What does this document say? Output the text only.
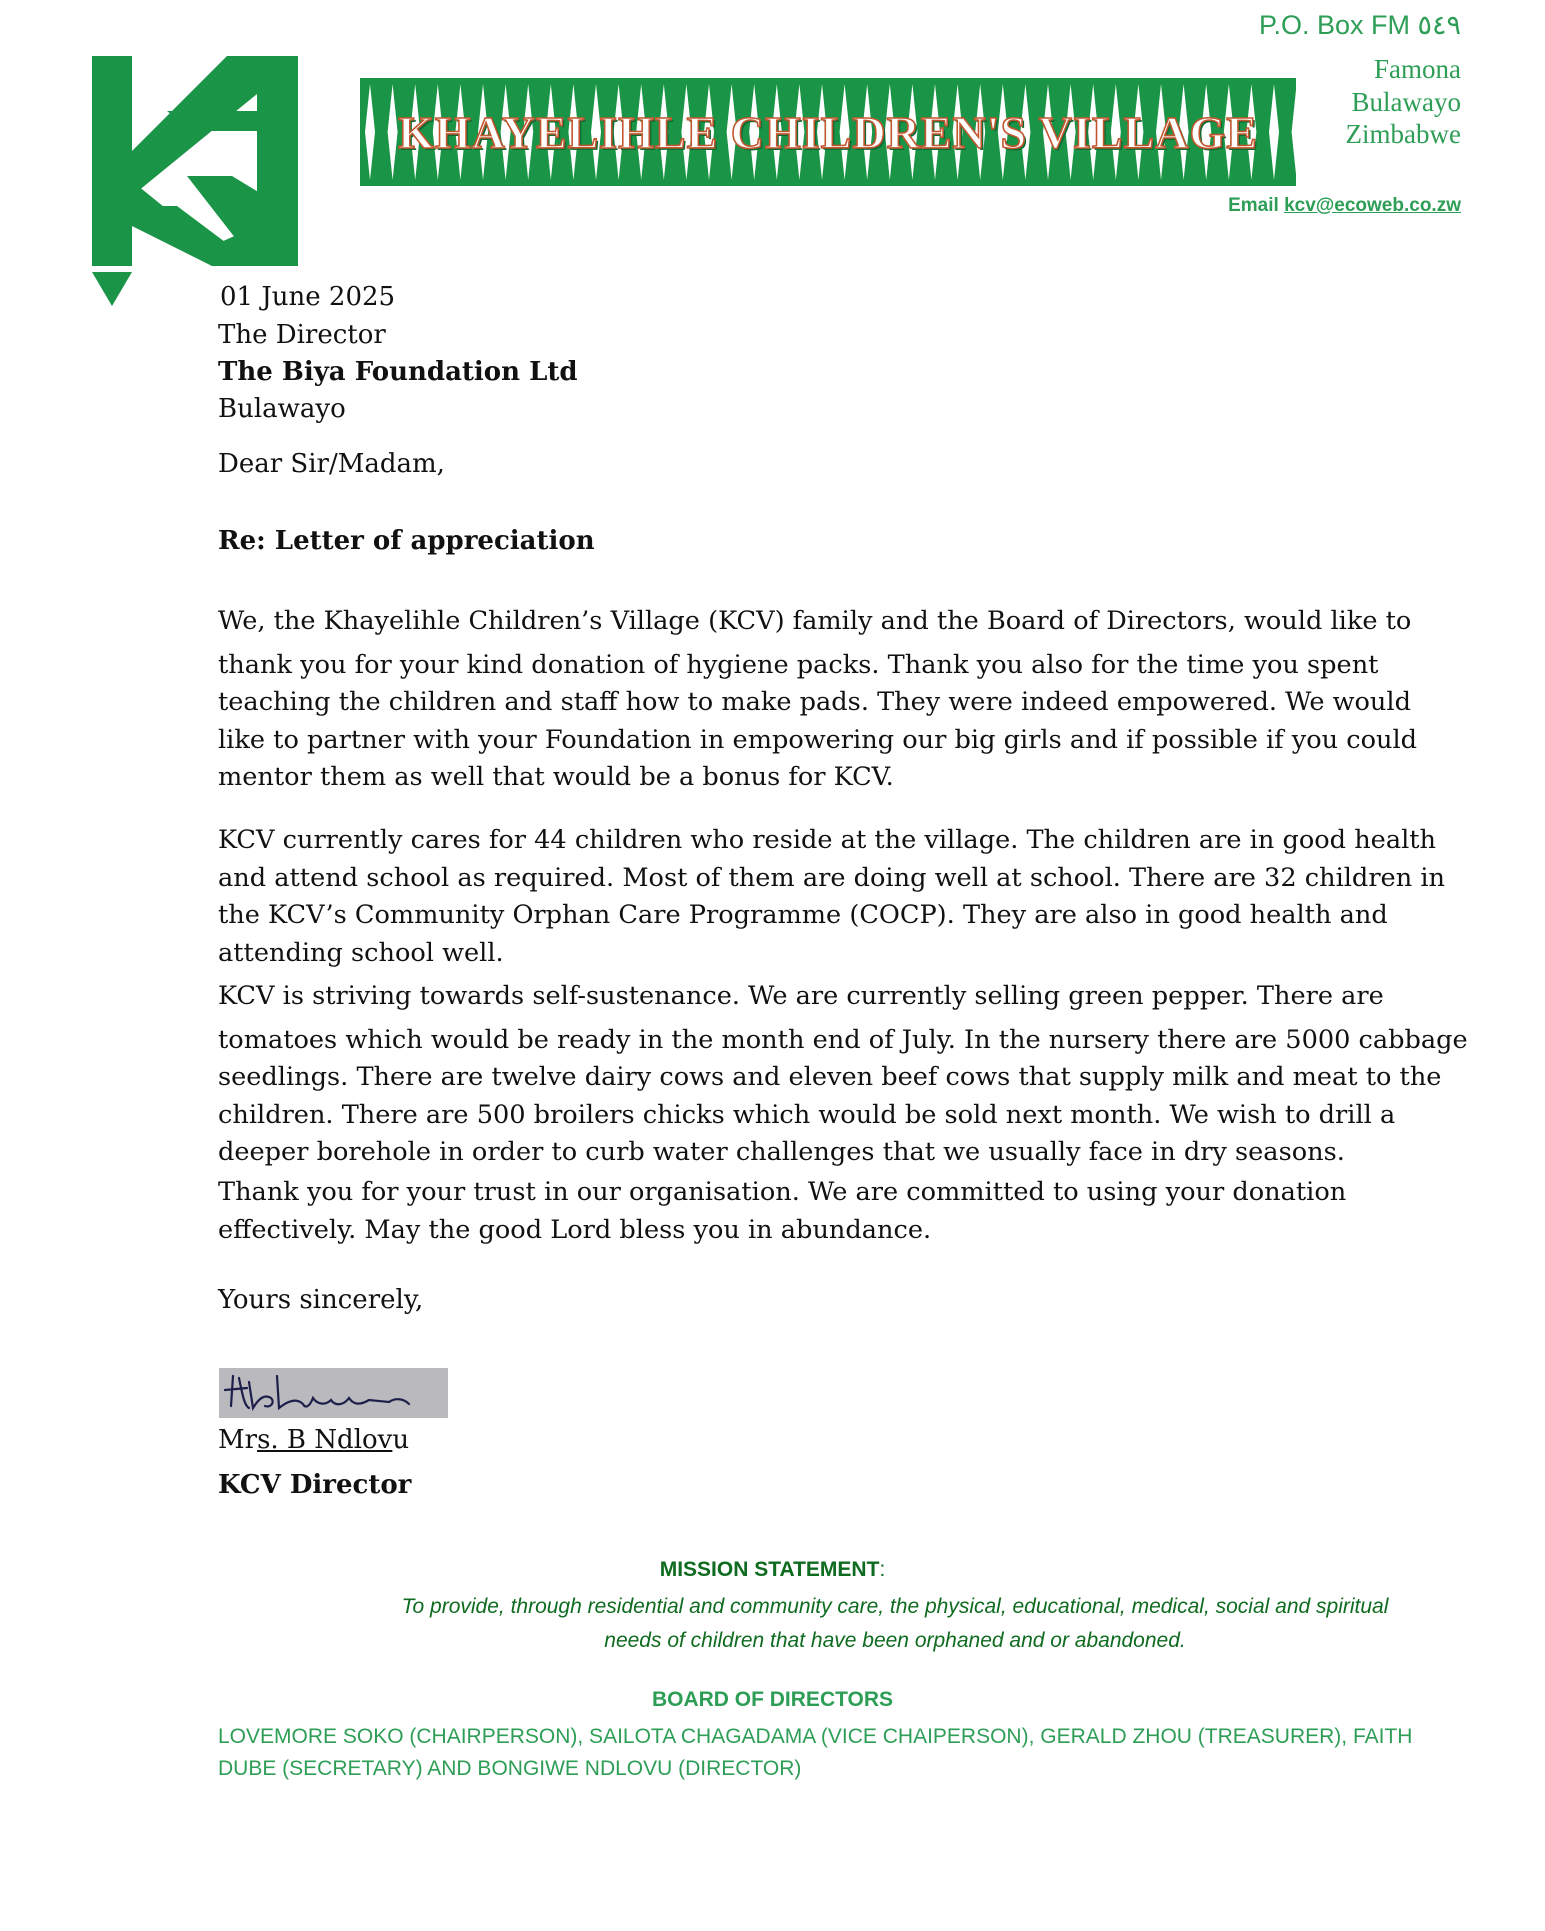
KHAYELIHLE CHILDREN'S VILLAGE
P.O. Box FM ٥٤٩
Famona
Bulawayo
Zimbabwe
Email kcv@ecoweb.co.zw
01 June 2025
The Director
The Biya Foundation Ltd
Bulawayo
Dear Sir/Madam,
Re: Letter of appreciation
We, the Khayelihle Children’s Village (KCV) family and the Board of Directors, would like to
thank you for your kind donation of hygiene packs. Thank you also for the time you spent
teaching the children and staff how to make pads. They were indeed empowered. We would
like to partner with your Foundation in empowering our big girls and if possible if you could
mentor them as well that would be a bonus for KCV.
KCV currently cares for 44 children who reside at the village. The children are in good health
and attend school as required. Most of them are doing well at school. There are 32 children in
the KCV’s Community Orphan Care Programme (COCP). They are also in good health and
attending school well.
KCV is striving towards self-sustenance. We are currently selling green pepper. There are
tomatoes which would be ready in the month end of July. In the nursery there are 5000 cabbage
seedlings. There are twelve dairy cows and eleven beef cows that supply milk and meat to the
children. There are 500 broilers chicks which would be sold next month. We wish to drill a
deeper borehole in order to curb water challenges that we usually face in dry seasons.
Thank you for your trust in our organisation. We are committed to using your donation
effectively. May the good Lord bless you in abundance.
Yours sincerely,
Mrs. B Ndlovu
KCV Director
MISSION STATEMENT:
To provide, through residential and community care, the physical, educational, medical, social and spiritual
needs of children that have been orphaned and or abandoned.
BOARD OF DIRECTORS
LOVEMORE SOKO (CHAIRPERSON), SAILOTA CHAGADAMA (VICE CHAIPERSON), GERALD ZHOU (TREASURER), FAITH
DUBE (SECRETARY) AND BONGIWE NDLOVU (DIRECTOR)
